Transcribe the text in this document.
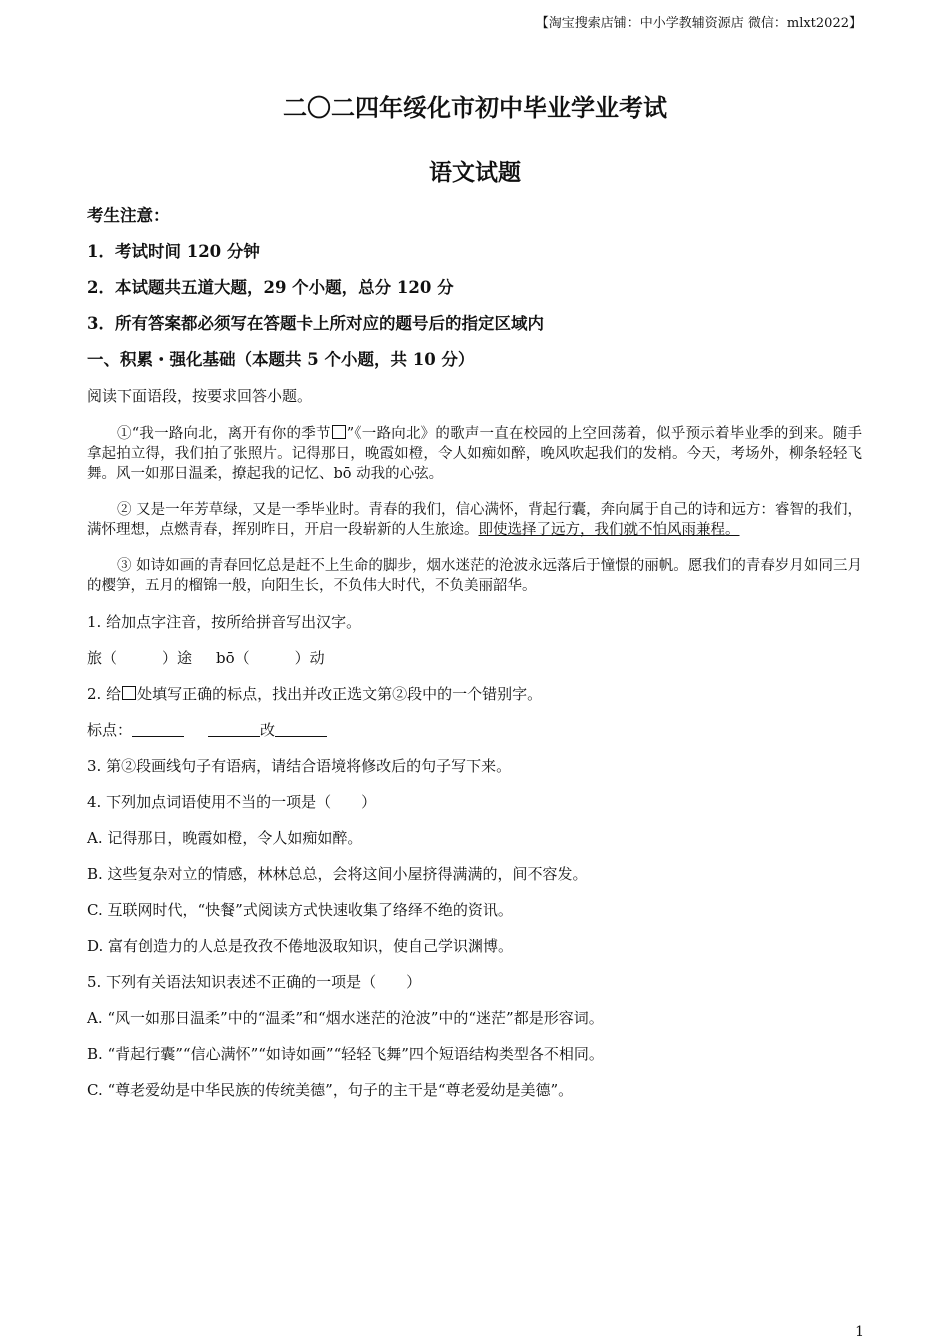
【淘宝搜索店铺：中小学教辅资源店 微信：mlxt2022】
二〇二四年绥化市初中毕业学业考试
语文试题
考生注意：
1．考试时间 120 分钟
2．本试题共五道大题，29 个小题，总分 120 分
3．所有答案都必须写在答题卡上所对应的题号后的指定区域内
一、积累・强化基础（本题共 5 个小题，共 10 分）
阅读下面语段，按要求回答小题。

①“我一路向北，离开有你的季节 ”《一路向北》的歌声一直在校园的上空回荡着，似乎预示着毕业季的到来。随手拿起拍立得，我们拍了张照片。记得那日，晚霞如橙，令人如痴如醉，晚风吹起我们的发梢。今天，考场外，柳条轻轻飞舞。风一如那日温柔，撩起我的记忆、bō 动我的心弦。

② 又是一年芳草绿，又是一季毕业时。青春的我们，信心满怀，背起行囊，奔向属于自己的诗和远方：睿智的我们，满怀理想，点燃青春，挥别昨日，开启一段崭新的人生旅途。即使选择了远方，我们就不怕风雨兼程。

③ 如诗如画的青春回忆总是赶不上生命的脚步，烟水迷茫的沧波永远落后于憧憬的丽帆。愿我们的青春岁月如同三月的樱笋，五月的榴锦一般，向阳生长，不负伟大时代，不负美丽韶华。

1. 给加点字注音，按所给拼音写出汉字。
旅（　　　）途 bō（　　　）动
2. 给 处填写正确的标点，找出并改正选文第②段中的一个错别字。
标点：	改
3. 第②段画线句子有语病，请结合语境将修改后的句子写下来。
4. 下列加点词语使用不当的一项是（　　）
A. 记得那日，晚霞如橙，令人如痴如醉。
B. 这些复杂对立的情感，林林总总，会将这间小屋挤得满满的，间不容发。
C. 互联网时代，“快餐”式阅读方式快速收集了络绎不绝的资讯。
D. 富有创造力的人总是孜孜不倦地汲取知识，使自己学识渊博。
5. 下列有关语法知识表述不正确的一项是（　　）
A. “风一如那日温柔”中的“温柔”和“烟水迷茫的沧波”中的“迷茫”都是形容词。
B. “背起行囊”“信心满怀”“如诗如画”“轻轻飞舞”四个短语结构类型各不相同。
C. “尊老爱幼是中华民族的传统美德”，句子的主干是“尊老爱幼是美德”。
1
